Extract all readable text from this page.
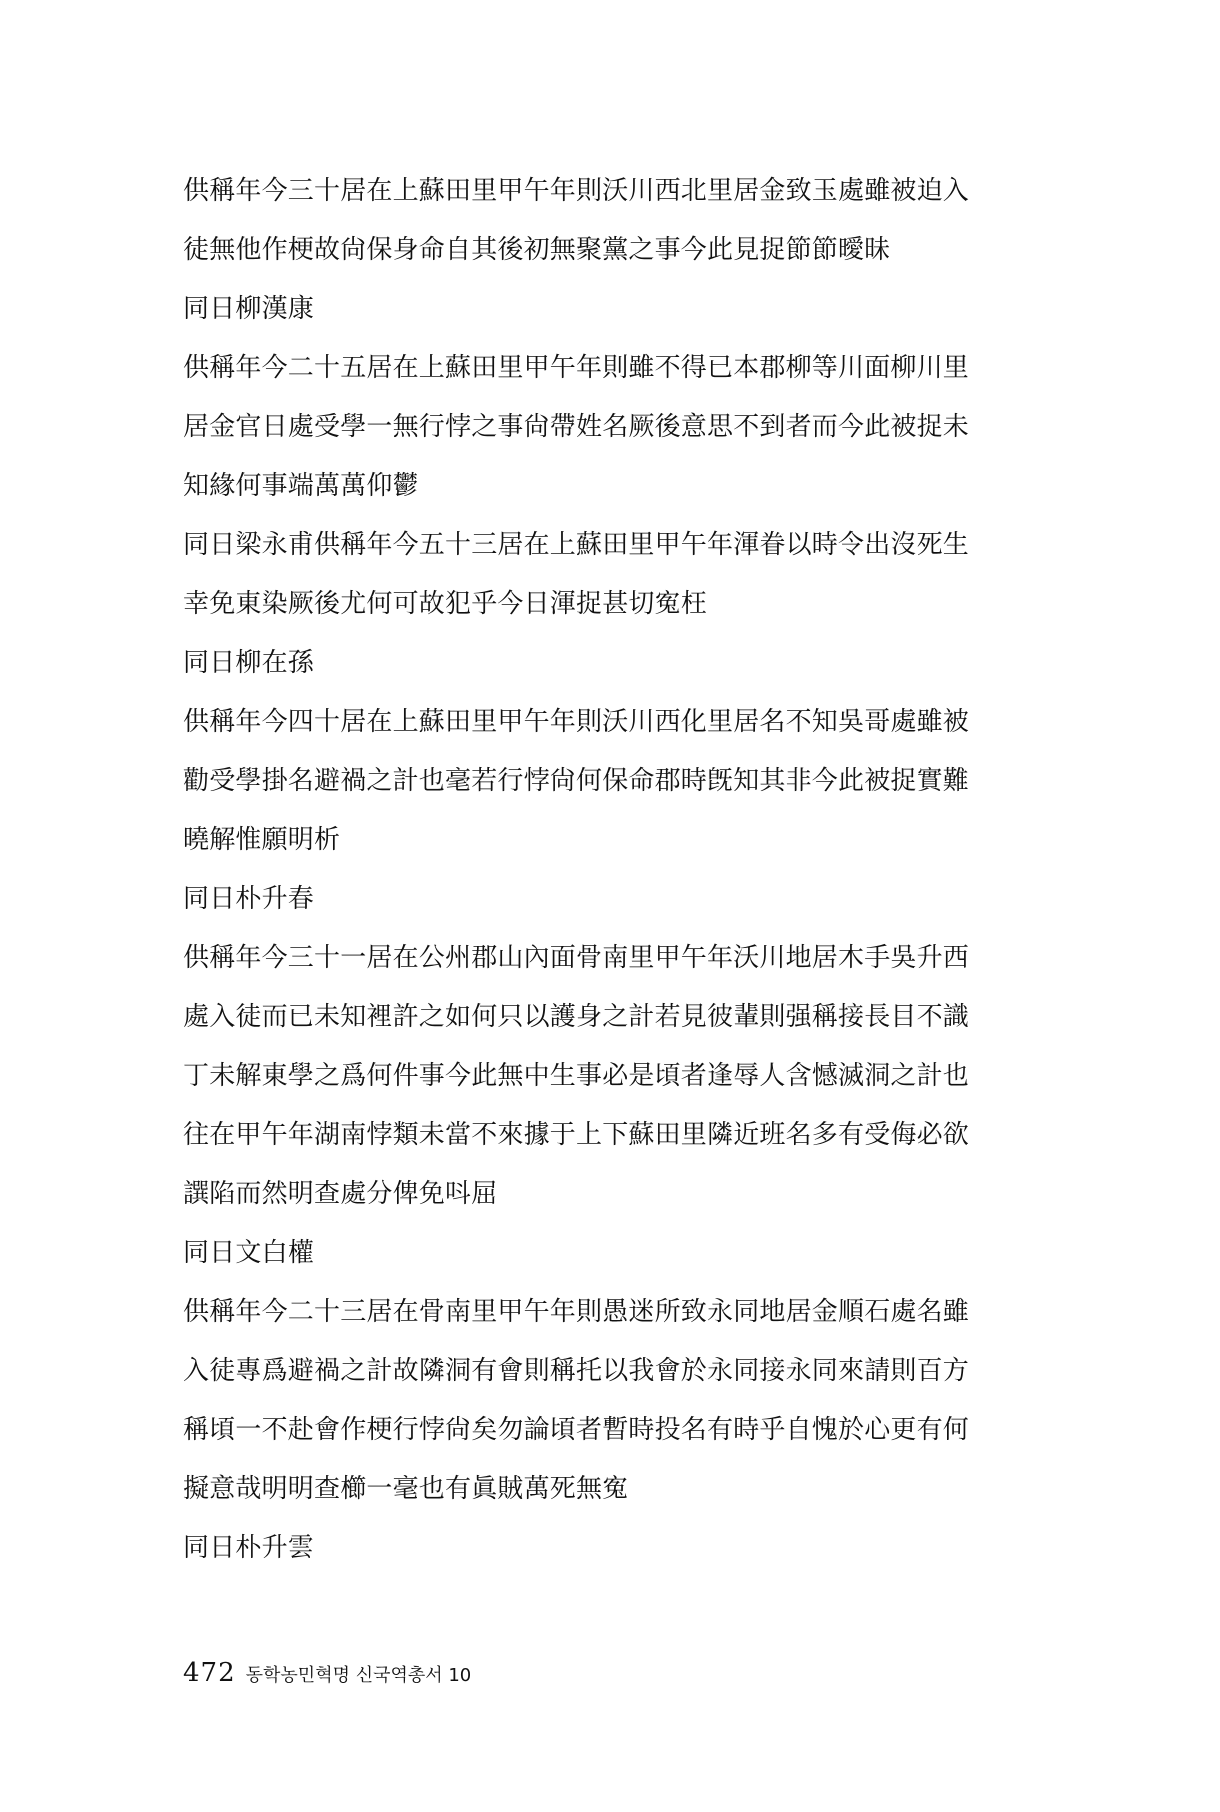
供稱年今三十居在上蘇田里甲午年則沃川西北里居金致玉處雖被迫入
徒無他作梗故尙保身命自其後初無聚黨之事今此見捉節節曖昧
同日柳漢康
供稱年今二十五居在上蘇田里甲午年則雖不得已本郡柳等川面柳川里
居金官日處受學一無行悖之事尙帶姓名厥後意思不到者而今此被捉未
知緣何事端萬萬仰鬱
同日梁永甫供稱年今五十三居在上蘇田里甲午年渾眷以時令出沒死生
幸免東染厥後尤何可故犯乎今日渾捉甚切寃枉
同日柳在孫
供稱年今四十居在上蘇田里甲午年則沃川西化里居名不知吳哥處雖被
勸受學掛名避禍之計也毫若行悖尙何保命郡時旣知其非今此被捉實難
曉解惟願明析
同日朴升春
供稱年今三十一居在公州郡山內面骨南里甲午年沃川地居木手吳升西
處入徒而已未知裡許之如何只以護身之計若見彼輩則强稱接長目不識
丁未解東學之爲何件事今此無中生事必是頃者逢辱人含憾滅洞之計也
往在甲午年湖南悖類未當不來據于上下蘇田里隣近班名多有受侮必欲
譔陷而然明查處分俾免呌屈
同日文白權
供稱年今二十三居在骨南里甲午年則愚迷所致永同地居金順石處名雖
入徒專爲避禍之計故隣洞有會則稱托以我會於永同接永同來請則百方
稱頃一不赴會作梗行悖尙矣勿論頃者暫時投名有時乎自愧於心更有何
擬意哉明明查櫛一毫也有眞賊萬死無寃
同日朴升雲
472 동학농민혁명 신국역총서 10
